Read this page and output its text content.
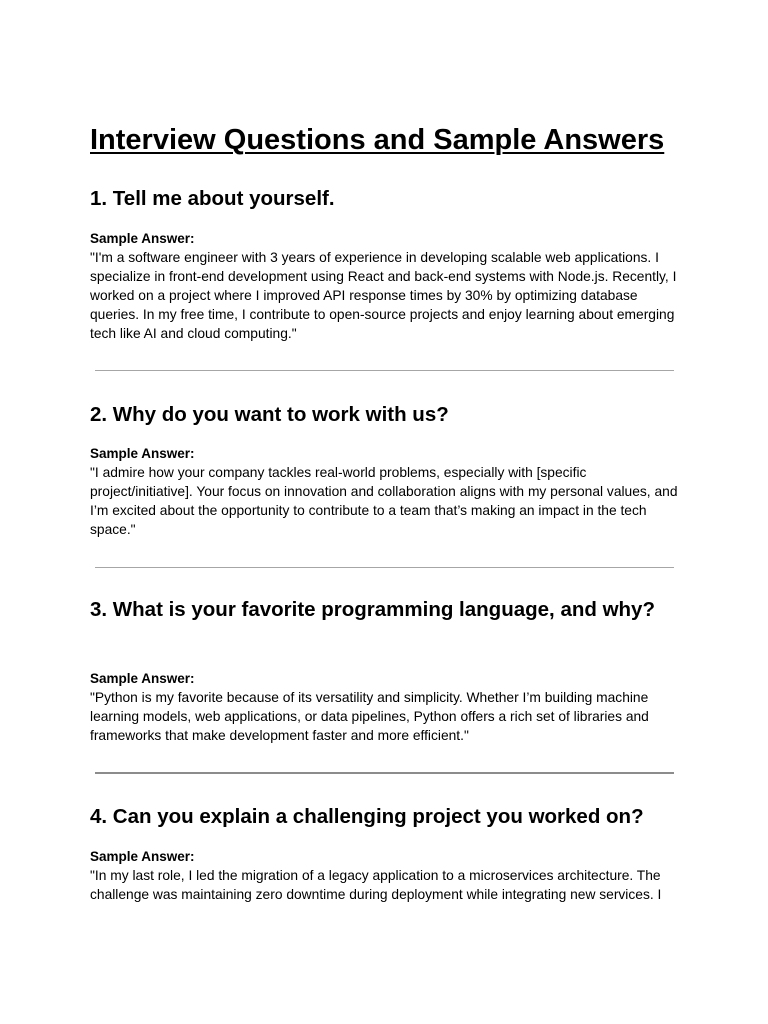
Interview Questions and Sample Answers
1. Tell me about yourself.

Sample Answer:

"I'm a software engineer with 3 years of experience in developing scalable web applications. I specialize in front-end development using React and back-end systems with Node.js. Recently, I worked on a project where I improved API response times by 30% by optimizing database queries. In my free time, I contribute to open-source projects and enjoy learning about emerging tech like AI and cloud computing."

2. Why do you want to work with us?

Sample Answer:

"I admire how your company tackles real-world problems, especially with [specific project/initiative]. Your focus on innovation and collaboration aligns with my personal values, and I’m excited about the opportunity to contribute to a team that’s making an impact in the tech space."

3. What is your favorite programming language, and why?

Sample Answer:

"Python is my favorite because of its versatility and simplicity. Whether I’m building machine learning models, web applications, or data pipelines, Python offers a rich set of libraries and frameworks that make development faster and more efficient."

4. Can you explain a challenging project you worked on?

Sample Answer:

"In my last role, I led the migration of a legacy application to a microservices architecture. The challenge was maintaining zero downtime during deployment while integrating new services. I
